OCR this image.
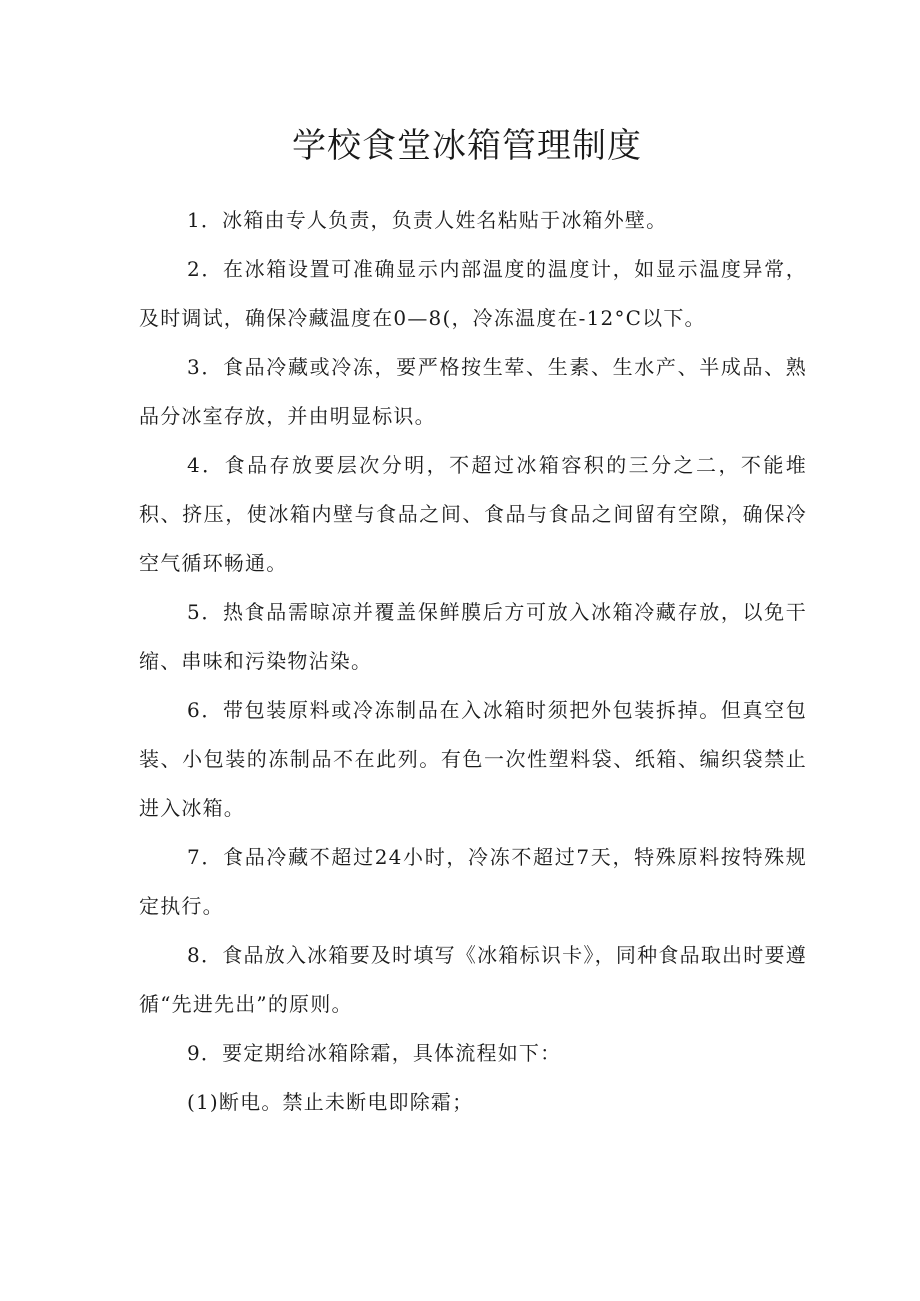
学校食堂冰箱管理制度

1．冰箱由专人负责，负责人姓名粘贴于冰箱外壁。

2．在冰箱设置可准确显示内部温度的温度计，如显示温度异常，及时调试，确保冷藏温度在0—8(，冷冻温度在-12°C以下。

3．食品冷藏或冷冻，要严格按生荤、生素、生水产、半成品、熟品分冰室存放，并由明显标识。

4．食品存放要层次分明，不超过冰箱容积的三分之二，不能堆积、挤压，使冰箱内壁与食品之间、食品与食品之间留有空隙，确保冷空气循环畅通。

5．热食品需晾凉并覆盖保鲜膜后方可放入冰箱冷藏存放，以免干缩、串味和污染物沾染。

6．带包装原料或冷冻制品在入冰箱时须把外包装拆掉。但真空包装、小包装的冻制品不在此列。有色一次性塑料袋、纸箱、编织袋禁止进入冰箱。

7．食品冷藏不超过24小时，冷冻不超过7天，特殊原料按特殊规定执行。

8．食品放入冰箱要及时填写《冰箱标识卡》，同种食品取出时要遵循“先进先出”的原则。

9．要定期给冰箱除霜，具体流程如下：

(1)断电。禁止未断电即除霜；
